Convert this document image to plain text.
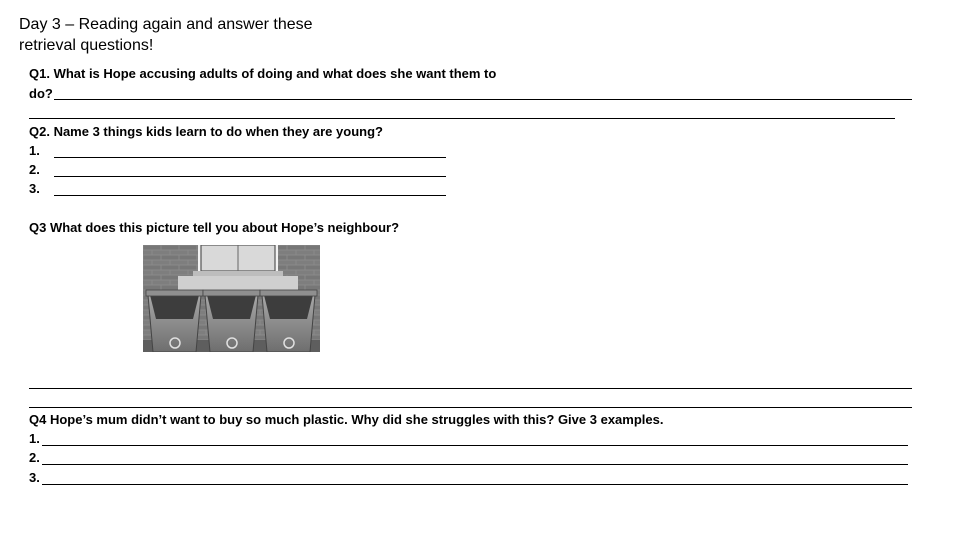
Day 3 – Reading again and answer these retrieval questions!
Q1. What is Hope accusing adults of doing and what does she want them to
do?
Q2. Name 3 things kids learn to do when they are young?
1.
2.
3.
Q3 What does this picture tell you about Hope’s neighbour?
Q4 Hope’s mum didn’t want to buy so much plastic. Why did she struggles with this? Give 3 examples.
1.
2.
3.
